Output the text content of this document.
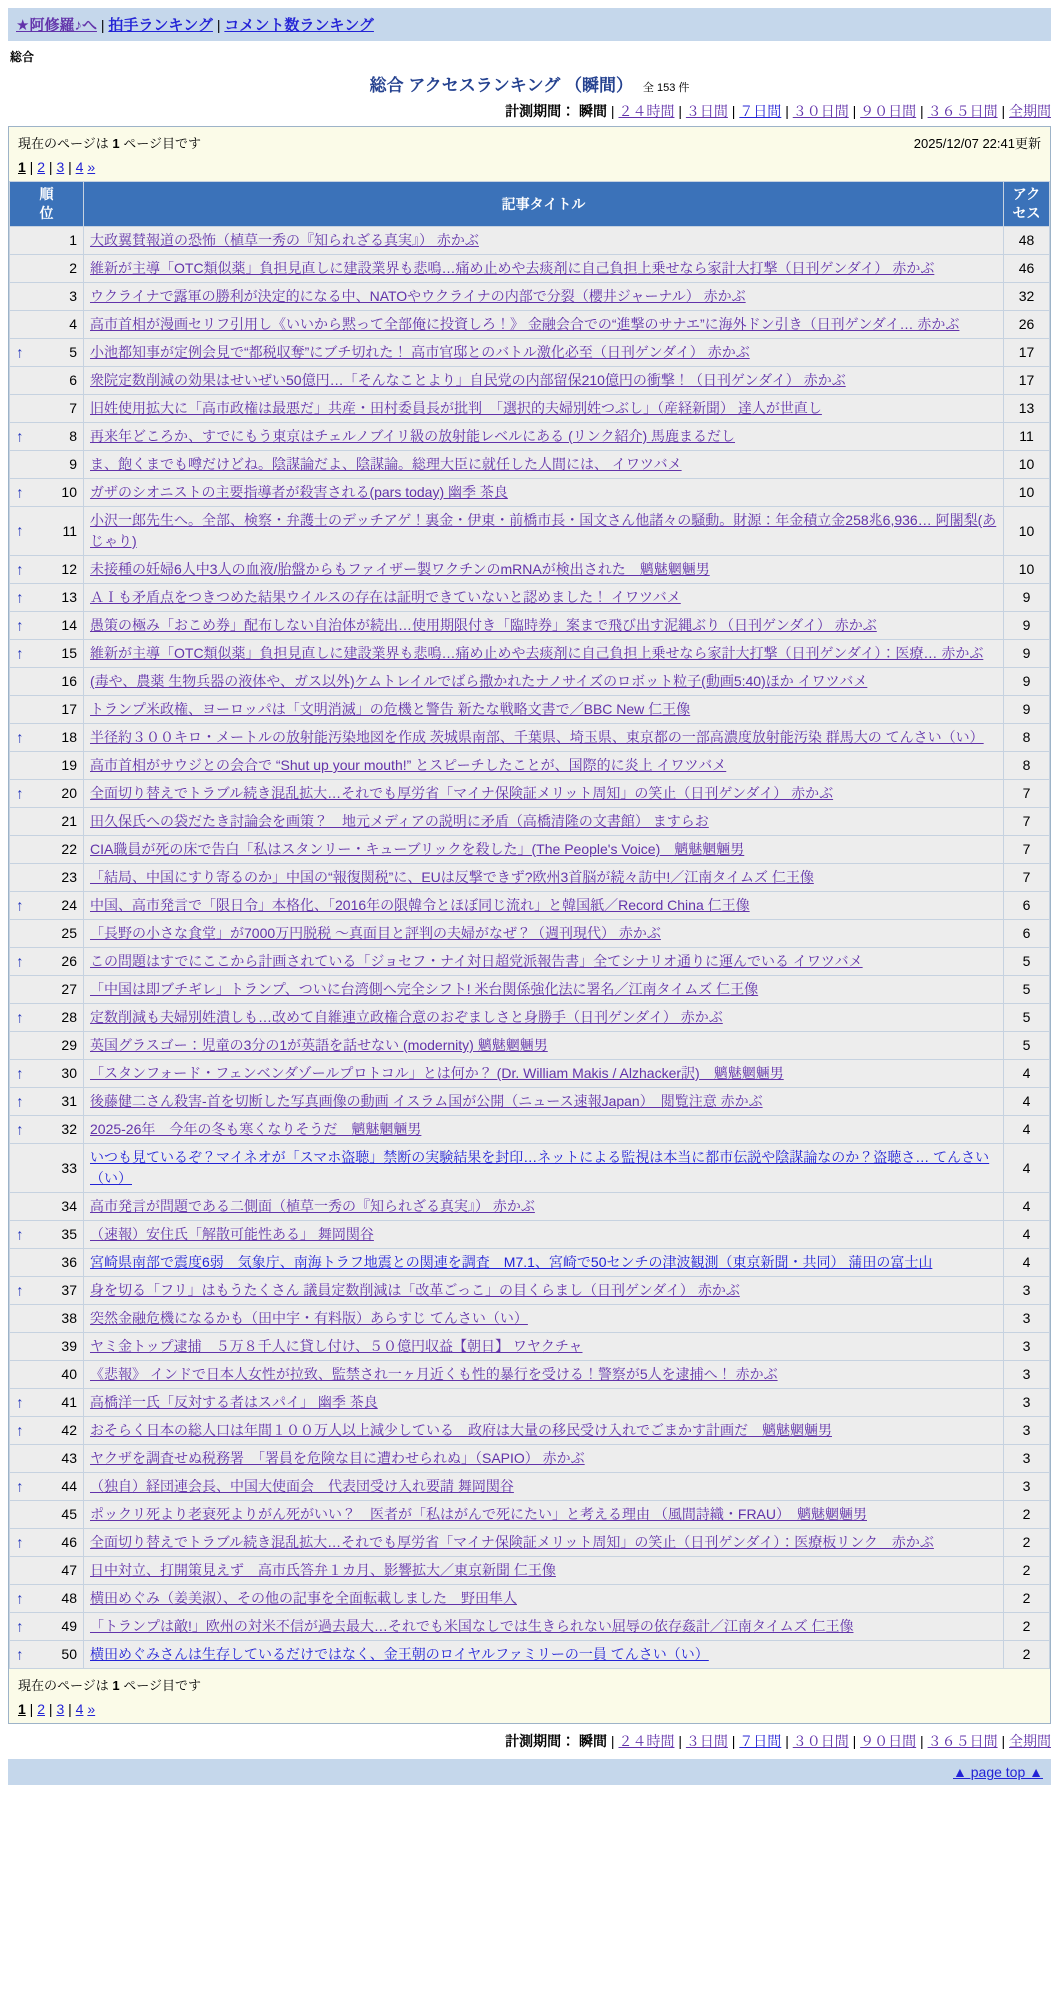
★阿修羅♪へ | 拍手ランキング | コメント数ランキング
総合
総合 アクセスランキング （瞬間） 全 153 件
計測期間： 瞬間 | ２４時間 | ３日間 | ７日間 | ３０日間 | ９０日間 | ３６５日間 | 全期間
現在のページは 1 ページ目です	2025/12/07 22:41更新
1 | 2 | 3 | 4 »
順位	記事タイトル	アクセス

1	大政翼賛報道の恐怖（植草一秀の『知られざる真実』） 赤かぶ	48

2	維新が主導「OTC類似薬」負担見直しに建設業界も悲鳴…痛め止めや去痰剤に自己負担上乗せなら家計大打撃（日刊ゲンダイ） 赤かぶ	46

3	ウクライナで露軍の勝利が決定的になる中、NATOやウクライナの内部で分裂（櫻井ジャーナル） 赤かぶ	32

4	高市首相が漫画セリフ引用し《いいから黙って全部俺に投資しろ！》 金融会合での“進撃のサナエ”に海外ドン引き（日刊ゲンダイ… 赤かぶ	26

↑ 5	小池都知事が定例会見で“都税収奪”にブチ切れた！ 高市官邸とのバトル激化必至（日刊ゲンダイ） 赤かぶ	17

6	衆院定数削減の効果はせいぜい50億円…「そんなことより」自民党の内部留保210億円の衝撃！（日刊ゲンダイ） 赤かぶ	17

7	旧姓使用拡大に「高市政権は最悪だ」共産・田村委員長が批判　「選択的夫婦別姓つぶし」（産経新聞） 達人が世直し	13

↑ 8	再来年どころか、すでにもう東京はチェルノブイリ級の放射能レベルにある (リンク紹介) 馬鹿まるだし	11

9	ま、飽くまでも噂だけどね。陰謀論だよ、陰謀論。総理大臣に就任した人間には、 イワツバメ	10

↑ 10	ガザのシオニストの主要指導者が殺害される(pars today) 幽季 茶良	10

↑ 11	小沢一郎先生へ。全部、検察・弁護士のデッチアゲ！裏金・伊東・前橋市長・国文さん他諸々の騒動。財源：年金積立金258兆6,936… 阿闍梨(あじゃり)	10

↑ 12	未接種の妊婦6人中3人の血液/胎盤からもファイザー製ワクチンのmRNAが検出された　魑魅魍魎男	10

↑ 13	ＡＩも矛盾点をつきつめた結果ウイルスの存在は証明できていないと認めました！ イワツバメ	9

↑ 14	愚策の極み「おこめ券」配布しない自治体が続出…使用期限付き「臨時券」案まで飛び出す泥縄ぶり（日刊ゲンダイ） 赤かぶ	9

↑ 15	維新が主導「OTC類似薬」負担見直しに建設業界も悲鳴…痛め止めや去痰剤に自己負担上乗せなら家計大打撃（日刊ゲンダイ）：医療… 赤かぶ	9

16	(毒や、農薬 生物兵器の液体や、ガス以外)ケムトレイルでばら撒かれたナノサイズのロボット粒子(動画5:40)ほか イワツバメ	9

17	トランプ米政権、ヨーロッパは「文明消滅」の危機と警告 新たな戦略文書で／BBC New 仁王像	9

↑ 18	半径約３００キロ・メートルの放射能汚染地図を作成 茨城県南部、千葉県、埼玉県、東京都の一部高濃度放射能汚染 群馬大の てんさい（い）	8

19	高市首相がサウジとの会合で “Shut up your mouth!” とスピーチしたことが、国際的に炎上 イワツバメ	8

↑ 20	全面切り替えでトラブル続き混乱拡大…それでも厚労省「マイナ保険証メリット周知」の笑止（日刊ゲンダイ） 赤かぶ	7

21	田久保氏への袋だたき討論会を画策？　地元メディアの説明に矛盾（高橋清隆の文書館） ますらお	7

22	CIA職員が死の床で告白「私はスタンリー・キューブリックを殺した」(The People's Voice)　魑魅魍魎男	7

23	「結局、中国にすり寄るのか」中国の“報復関税”に、EUは反撃できず?欧州3首脳が続々訪中!／江南タイムズ 仁王像	7

↑ 24	中国、高市発言で「限日令」本格化、「2016年の限韓令とほぼ同じ流れ」と韓国紙／Record China 仁王像	6

25	「長野の小さな食堂」が7000万円脱税 ～真面目と評判の夫婦がなぜ？（週刊現代） 赤かぶ	6

↑ 26	この問題はすでにここから計画されている「ジョセフ・ナイ対日超党派報告書」全てシナリオ通りに運んでいる イワツバメ	5

27	「中国は即ブチギレ」トランプ、ついに台湾側へ完全シフト! 米台関係強化法に署名／江南タイムズ 仁王像	5

↑ 28	定数削減も夫婦別姓潰しも…改めて自維連立政権合意のおぞましさと身勝手（日刊ゲンダイ） 赤かぶ	5

29	英国グラスゴー：児童の3分の1が英語を話せない (modernity) 魑魅魍魎男	5

↑ 30	「スタンフォード・フェンベンダゾールプロトコル」とは何か？ (Dr. William Makis / Alzhacker訳)　魑魅魍魎男	4

↑ 31	後藤健二さん殺害-首を切断した写真画像の動画 イスラム国が公開（ニュース速報Japan）　閲覧注意 赤かぶ	4

↑ 32	2025-26年　今年の冬も寒くなりそうだ　魑魅魍魎男	4

33	いつも見ているぞ？マイネオが「スマホ盗聴」禁断の実験結果を封印…ネットによる監視は本当に都市伝説や陰謀論なのか？盗聴さ… てんさい（い）	4

34	高市発言が問題である二側面（植草一秀の『知られざる真実』） 赤かぶ	4

↑ 35	（速報）安住氏「解散可能性ある」 舞岡関谷	4

36	宮崎県南部で震度6弱　気象庁、南海トラフ地震との関連を調査　M7.1、宮崎で50センチの津波観測（東京新聞・共同） 蒲田の富士山	4

↑ 37	身を切る「フリ」はもうたくさん 議員定数削減は「改革ごっこ」の目くらまし（日刊ゲンダイ） 赤かぶ	3

38	突然金融危機になるかも（田中宇・有料版）あらすじ てんさい（い）	3

39	ヤミ金トップ逮捕　５万８千人に貸し付け、５０億円収益【朝日】 ワヤクチャ	3

40	《悲報》 インドで日本人女性が拉致、監禁され一ヶ月近くも性的暴行を受ける！警察が5人を逮捕へ！ 赤かぶ	3

↑ 41	高橋洋一氏「反対する者はスパイ」 幽季 茶良	3

↑ 42	おそらく日本の総人口は年間１００万人以上減少している　政府は大量の移民受け入れでごまかす計画だ　魑魅魍魎男	3

43	ヤクザを調査せぬ税務署　「署員を危険な目に遭わせられぬ」（SAPIO） 赤かぶ	3

↑ 44	（独自）経団連会長、中国大使面会　代表団受け入れ要請 舞岡関谷	3

45	ポックリ死より老衰死よりがん死がいい？　医者が「私はがんで死にたい」と考える理由 （風間詩織・FRAU）　魑魅魍魎男	2

↑ 46	全面切り替えでトラブル続き混乱拡大…それでも厚労省「マイナ保険証メリット周知」の笑止（日刊ゲンダイ）：医療板リンク　赤かぶ	2

47	日中対立、打開策見えず　高市氏答弁１カ月、影響拡大／東京新聞 仁王像	2

↑ 48	横田めぐみ（姜美淑）、その他の記事を全面転載しました　野田隼人	2

↑ 49	「トランプは敵!」欧州の対米不信が過去最大…それでも米国なしでは生きられない屈辱の依存姦計／江南タイムズ 仁王像	2

↑ 50	横田めぐみさんは生存しているだけではなく、金王朝のロイヤルファミリーの一員 てんさい（い）	2
現在のページは 1 ページ目です
1 | 2 | 3 | 4 »
計測期間： 瞬間 | ２４時間 | ３日間 | ７日間 | ３０日間 | ９０日間 | ３６５日間 | 全期間
▲ page top ▲
